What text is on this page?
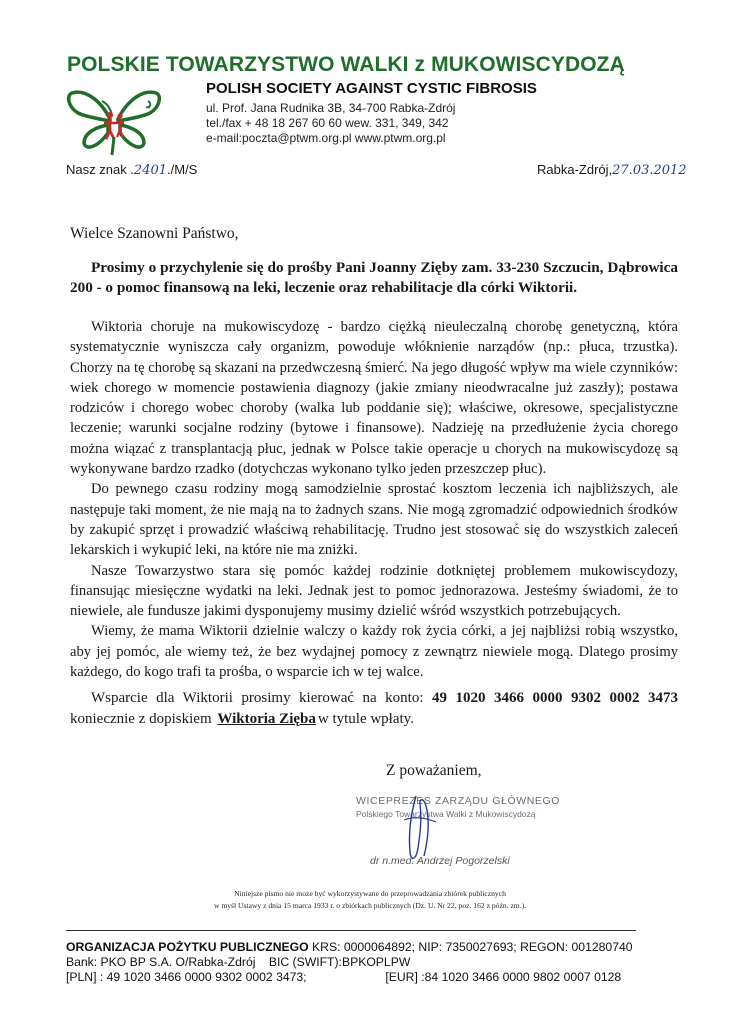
POLSKIE TOWARZYSTWO WALKI z MUKOWISCYDOZĄ
POLISH SOCIETY AGAINST CYSTIC FIBROSIS
ul. Prof. Jana Rudnika 3B, 34-700 Rabka-Zdrój
tel./fax + 48 18 267 60 60 wew. 331, 349, 342
e-mail:poczta@ptwm.org.pl www.ptwm.org.pl
Nasz znak .2401./M/S	Rabka-Zdrój,27.03.2012
Wielce Szanowni Państwo,
Prosimy o przychylenie się do prośby Pani Joanny Zięby zam. 33-230 Szczucin, Dąbrowica 200 - o pomoc finansową na leki, leczenie oraz rehabilitacje dla córki Wiktorii.

Wiktoria choruje na mukowiscydozę - bardzo ciężką nieuleczalną chorobę genetyczną, która systematycznie wyniszcza cały organizm, powoduje włóknienie narządów (np.: płuca, trzustka). Chorzy na tę chorobę są skazani na przedwczesną śmierć. Na jego długość wpływ ma wiele czynników: wiek chorego w momencie postawienia diagnozy (jakie zmiany nieodwracalne już zaszły); postawa rodziców i chorego wobec choroby (walka lub poddanie się); właściwe, okresowe, specjalistyczne leczenie; warunki socjalne rodziny (bytowe i finansowe). Nadzieję na przedłużenie życia chorego można wiązać z transplantacją płuc, jednak w Polsce takie operacje u chorych na mukowiscydozę są wykonywane bardzo rzadko (dotychczas wykonano tylko jeden przeszczep płuc).

Do pewnego czasu rodziny mogą samodzielnie sprostać kosztom leczenia ich najbliższych, ale następuje taki moment, że nie mają na to żadnych szans. Nie mogą zgromadzić odpowiednich środków by zakupić sprzęt i prowadzić właściwą rehabilitację. Trudno jest stosować się do wszystkich zaleceń lekarskich i wykupić leki, na które nie ma zniżki.

Nasze Towarzystwo stara się pomóc każdej rodzinie dotkniętej problemem mukowiscydozy, finansując miesięczne wydatki na leki. Jednak jest to pomoc jednorazowa. Jesteśmy świadomi, że to niewiele, ale fundusze jakimi dysponujemy musimy dzielić wśród wszystkich potrzebujących.

Wiemy, że mama Wiktorii dzielnie walczy o każdy rok życia córki, a jej najbliżsi robią wszystko, aby jej pomóc, ale wiemy też, że bez wydajnej pomocy z zewnątrz niewiele mogą. Dlatego prosimy każdego, do kogo trafi ta prośba, o wsparcie ich w tej walce.

Wsparcie dla Wiktorii prosimy kierować na konto: 49 1020 3466 0000 9302 0002 3473 koniecznie z dopiskiem Wiktoria Zięba w tytule wpłaty.
Z poważaniem,
WICEPREZES ZARZĄDU GŁÓWNEGO
Polskiego Towarzystwa Walki z Mukowiscydozą
dr n.med. Andrzej Pogorzelski
Niniejsze pismo nie może być wykorzystywane do przeprowadzania zbiórek publicznych
w myśl Ustawy z dnia 15 marca 1933 r. o zbiórkach publicznych (Dz. U. Nr 22, poz. 162 z późn. zm.).
ORGANIZACJA POŻYTKU PUBLICZNEGO KRS: 0000064892; NIP: 7350027693; REGON: 001280740
Bank: PKO BP S.A. O/Rabka-Zdrój BIC (SWIFT):BPKOPLPW
[PLN] : 49 1020 3466 0000 9302 0002 3473;	[EUR] :84 1020 3466 0000 9802 0007 0128
